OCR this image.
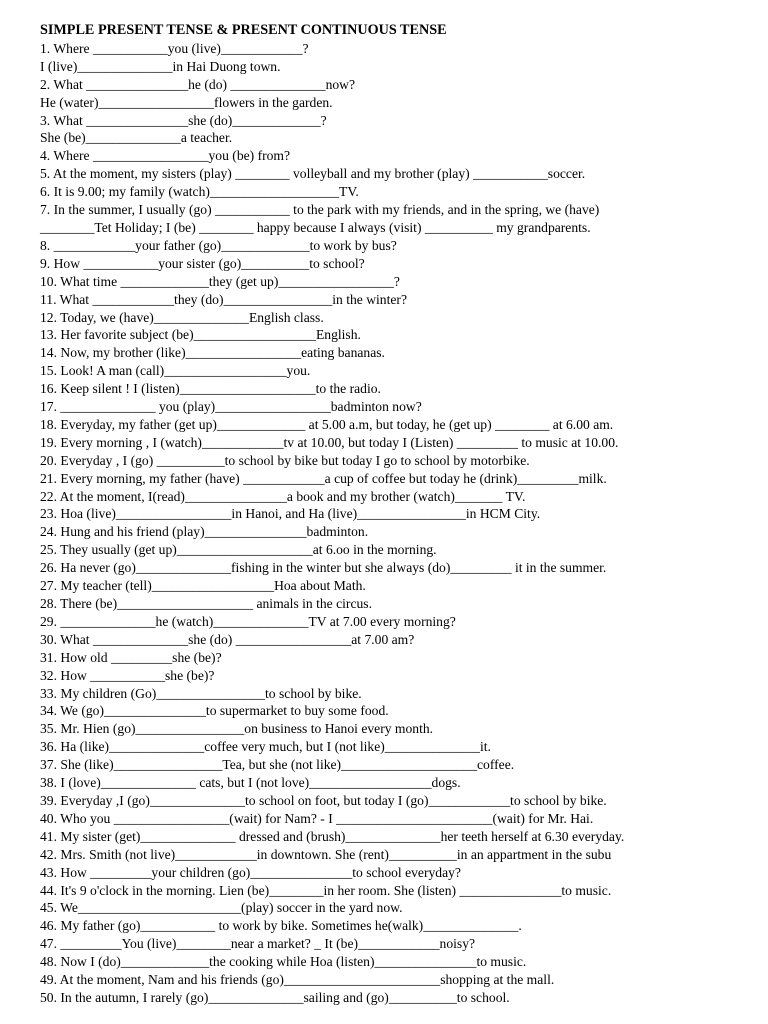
SIMPLE PRESENT TENSE & PRESENT CONTINUOUS TENSE
1. Where ___________you (live)____________?
I (live)______________in Hai Duong town.
2. What _______________he (do) ______________now?
He (water)_________________flowers in the garden.
3. What _______________she (do)_____________?
She (be)______________a teacher.
4. Where _________________you (be) from?
5. At the moment, my sisters (play) ________ volleyball and my brother (play) ___________soccer.
6. It is 9.00; my family (watch)___________________TV.
7. In the summer, I usually (go) ___________ to the park with my friends, and in the spring, we (have)
________Tet Holiday; I (be) ________ happy because I always (visit) __________ my grandparents.
8. ____________your father (go)_____________to work by bus?
9. How ___________your sister (go)__________to school?
10. What time _____________they (get up)_________________?
11. What ____________they (do)________________in the winter?
12. Today, we (have)______________English class.
13. Her favorite subject (be)__________________English.
14. Now, my brother (like)_________________eating bananas.
15. Look! A man (call)__________________you.
16. Keep silent ! I (listen)____________________to the radio.
17. ______________ you (play)_________________badminton now?
18. Everyday, my father (get up)_____________ at 5.00 a.m, but today, he (get up) ________ at 6.00 am.
19. Every morning , I (watch)____________tv at 10.00, but today I (Listen) _________ to music at 10.00.
20. Everyday , I (go) __________to school by bike but today I go to school by motorbike.
21. Every morning, my father (have) ____________a cup of coffee but today he (drink)_________milk.
22. At the moment, I(read)_______________a book and my brother (watch)_______ TV.
23. Hoa (live)_________________in Hanoi, and Ha (live)________________in HCM City.
24. Hung and his friend (play)_______________badminton.
25. They usually (get up)____________________at 6.oo in the morning.
26. Ha never (go)______________fishing in the winter but she always (do)_________ it in the summer.
27. My teacher (tell)__________________Hoa about Math.
28. There (be)____________________ animals in the circus.
29. ______________he (watch)______________TV at 7.00 every morning?
30. What ______________she (do) _________________at 7.00 am?
31. How old _________she (be)?
32. How ___________she (be)?
33. My children (Go)________________to school by bike.
34. We (go)_______________to supermarket to buy some food.
35. Mr. Hien (go)________________on business to Hanoi every month.
36. Ha (like)______________coffee very much, but I (not like)______________it.
37. She (like)________________Tea, but she (not like)____________________coffee.
38. I (love)______________ cats, but I (not love)__________________dogs.
39. Everyday ,I (go)______________to school on foot, but today I (go)____________to school by bike.
40. Who you _________________(wait) for Nam? - I _______________________(wait) for Mr. Hai.
41. My sister (get)______________ dressed and (brush)______________her teeth herself at 6.30 everyday.
42. Mrs. Smith (not live)____________in downtown. She (rent)__________in an appartment in the subu
43. How _________your children (go)_______________to school everyday?
44. It's 9 o'clock in the morning. Lien (be)________in her room. She (listen) _______________to music.
45. We________________________(play) soccer in the yard now.
46. My father (go)___________ to work by bike. Sometimes he(walk)______________.
47. _________You (live)________near a market? _ It (be)____________noisy?
48. Now I (do)_____________the cooking while Hoa (listen)_______________to music.
49. At the moment, Nam and his friends (go)_______________________shopping at the mall.
50. In the autumn, I rarely (go)______________sailing and (go)__________to school.
